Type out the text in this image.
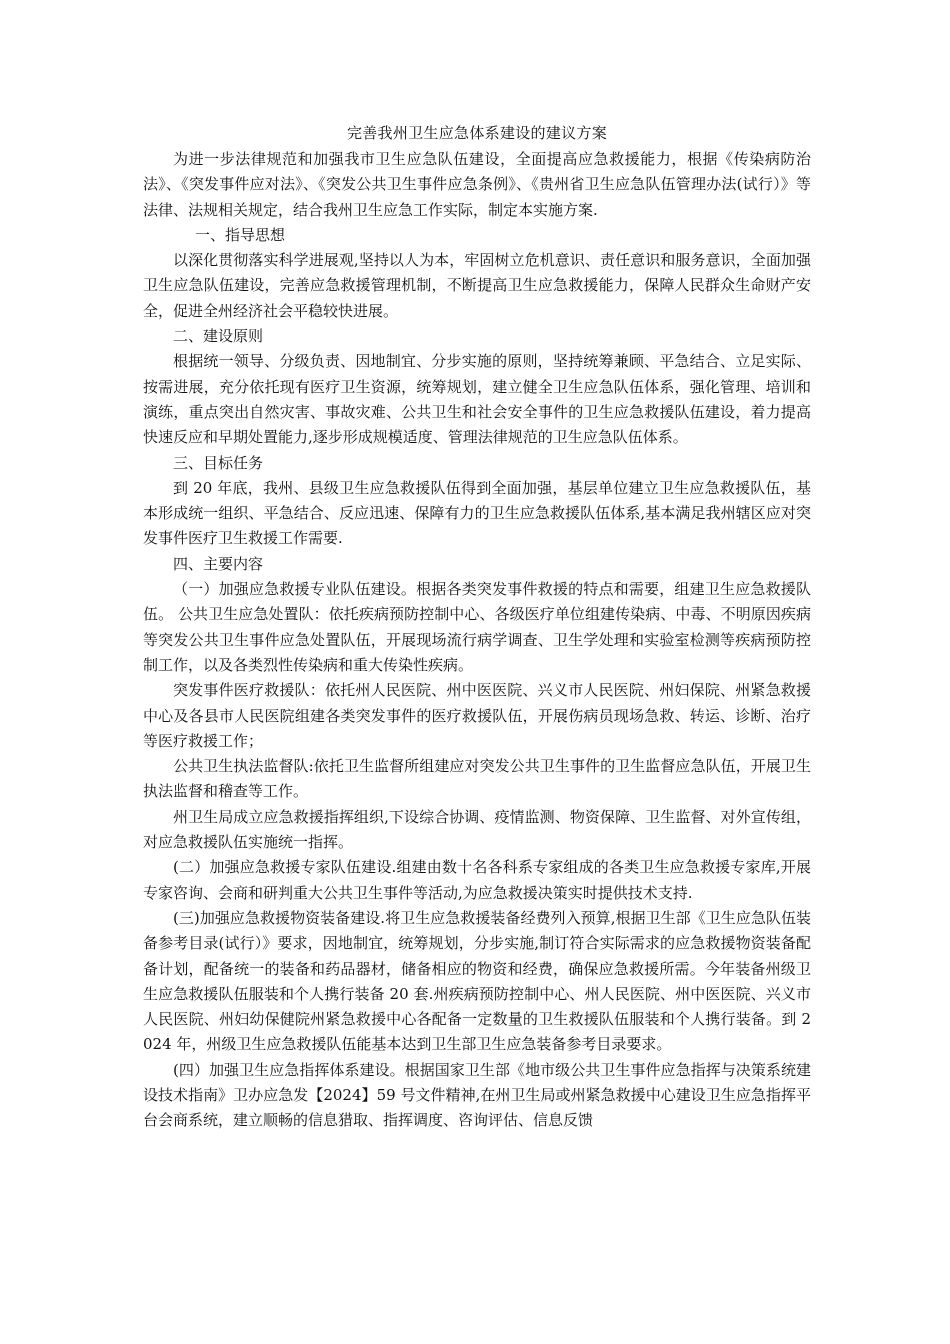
完善我州卫生应急体系建设的建议方案

为进一步法律规范和加强我市卫生应急队伍建设，全面提高应急救援能力，根据《传染病防治法》、《突发事件应对法》、《突发公共卫生事件应急条例》、《贵州省卫生应急队伍管理办法(试行）》等法律、法规相关规定，结合我州卫生应急工作实际，制定本实施方案.

一、指导思想

以深化贯彻落实科学进展观,坚持以人为本，牢固树立危机意识、责任意识和服务意识，全面加强卫生应急队伍建设，完善应急救援管理机制，不断提高卫生应急救援能力，保障人民群众生命财产安全，促进全州经济社会平稳较快进展。

二、建设原则

根据统一领导、分级负责、因地制宜、分步实施的原则，坚持统筹兼顾、平急结合、立足实际、按需进展，充分依托现有医疗卫生资源，统筹规划，建立健全卫生应急队伍体系，强化管理、培训和演练，重点突出自然灾害、事故灾难、公共卫生和社会安全事件的卫生应急救援队伍建设，着力提高快速反应和早期处置能力,逐步形成规模适度、管理法律规范的卫生应急队伍体系。

三、目标任务

到 20 年底，我州、县级卫生应急救援队伍得到全面加强，基层单位建立卫生应急救援队伍，基本形成统一组织、平急结合、反应迅速、保障有力的卫生应急救援队伍体系,基本满足我州辖区应对突发事件医疗卫生救援工作需要.

四、主要内容

（一）加强应急救援专业队伍建设。根据各类突发事件救援的特点和需要，组建卫生应急救援队伍。 公共卫生应急处置队：依托疾病预防控制中心、各级医疗单位组建传染病、中毒、不明原因疾病等突发公共卫生事件应急处置队伍，开展现场流行病学调查、卫生学处理和实验室检测等疾病预防控制工作，以及各类烈性传染病和重大传染性疾病。

突发事件医疗救援队：依托州人民医院、州中医医院、兴义市人民医院、州妇保院、州紧急救援中心及各县市人民医院组建各类突发事件的医疗救援队伍，开展伤病员现场急救、转运、诊断、治疗等医疗救援工作；

公共卫生执法监督队:依托卫生监督所组建应对突发公共卫生事件的卫生监督应急队伍，开展卫生执法监督和稽查等工作。

州卫生局成立应急救援指挥组织,下设综合协调、疫情监测、物资保障、卫生监督、对外宣传组，对应急救援队伍实施统一指挥。

(二）加强应急救援专家队伍建设.组建由数十名各科系专家组成的各类卫生应急救援专家库,开展专家咨询、会商和研判重大公共卫生事件等活动,为应急救援决策实时提供技术支持.

(三)加强应急救援物资装备建设.将卫生应急救援装备经费列入预算,根据卫生部《卫生应急队伍装备参考目录(试行）》要求，因地制宜，统筹规划，分步实施,制订符合实际需求的应急救援物资装备配备计划，配备统一的装备和药品器材，储备相应的物资和经费，确保应急救援所需。今年装备州级卫生应急救援队伍服装和个人携行装备 20 套.州疾病预防控制中心、州人民医院、州中医医院、兴义市人民医院、州妇幼保健院州紧急救援中心各配备一定数量的卫生救援队伍服装和个人携行装备。到 2024 年，州级卫生应急救援队伍能基本达到卫生部卫生应急装备参考目录要求。

(四）加强卫生应急指挥体系建设。根据国家卫生部《地市级公共卫生事件应急指挥与决策系统建设技术指南》卫办应急发【2024】59 号文件精神,在州卫生局或州紧急救援中心建设卫生应急指挥平台会商系统，建立顺畅的信息猎取、指挥调度、咨询评估、信息反馈
